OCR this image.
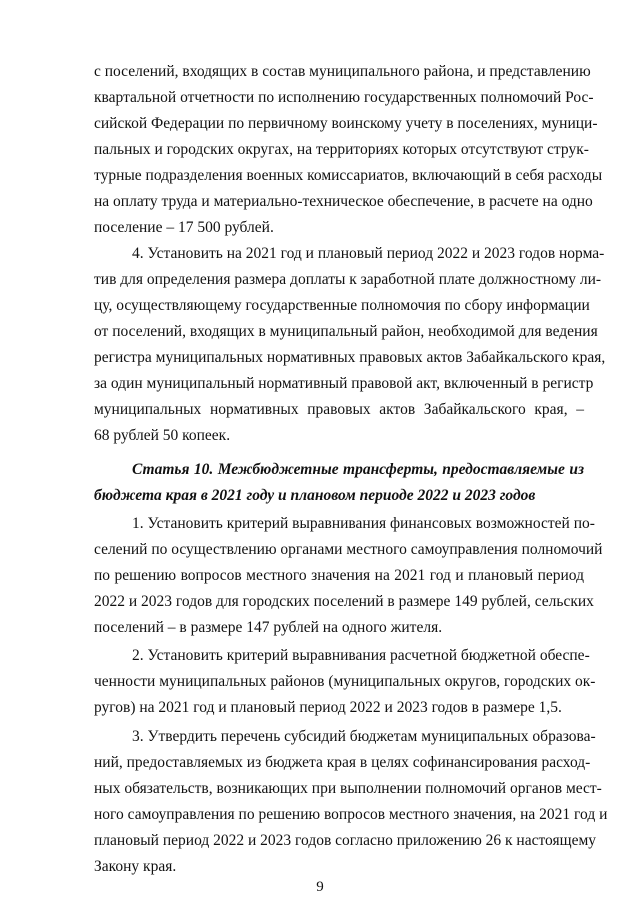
с поселений, входящих в состав муниципального района, и представлению
квартальной отчетности по исполнению государственных полномочий Рос-
сийской Федерации по первичному воинскому учету в поселениях, муници-
пальных и городских округах, на территориях которых отсутствуют струк-
турные подразделения военных комиссариатов, включающий в себя расходы
на оплату труда и материально-техническое обеспечение, в расчете на одно
поселение – 17 500 рублей.
4. Установить на 2021 год и плановый период 2022 и 2023 годов норма-
тив для определения размера доплаты к заработной плате должностному ли-
цу, осуществляющему государственные полномочия по сбору информации
от поселений, входящих в муниципальный район, необходимой для ведения
регистра муниципальных нормативных правовых актов Забайкальского края,
за один муниципальный нормативный правовой акт, включенный в регистр
муниципальных нормативных правовых актов Забайкальского края, –
68 рублей 50 копеек.
Статья 10. Межбюджетные трансферты, предоставляемые из
бюджета края в 2021 году и плановом периоде 2022 и 2023 годов
1. Установить критерий выравнивания финансовых возможностей по-
селений по осуществлению органами местного самоуправления полномочий
по решению вопросов местного значения на 2021 год и плановый период
2022 и 2023 годов для городских поселений в размере 149 рублей, сельских
поселений – в размере 147 рублей на одного жителя.
2. Установить критерий выравнивания расчетной бюджетной обеспе-
ченности муниципальных районов (муниципальных округов, городских ок-
ругов) на 2021 год и плановый период 2022 и 2023 годов в размере 1,5.
3. Утвердить перечень субсидий бюджетам муниципальных образова-
ний, предоставляемых из бюджета края в целях софинансирования расход-
ных обязательств, возникающих при выполнении полномочий органов мест-
ного самоуправления по решению вопросов местного значения, на 2021 год и
плановый период 2022 и 2023 годов согласно приложению 26 к настоящему
Закону края.
9
